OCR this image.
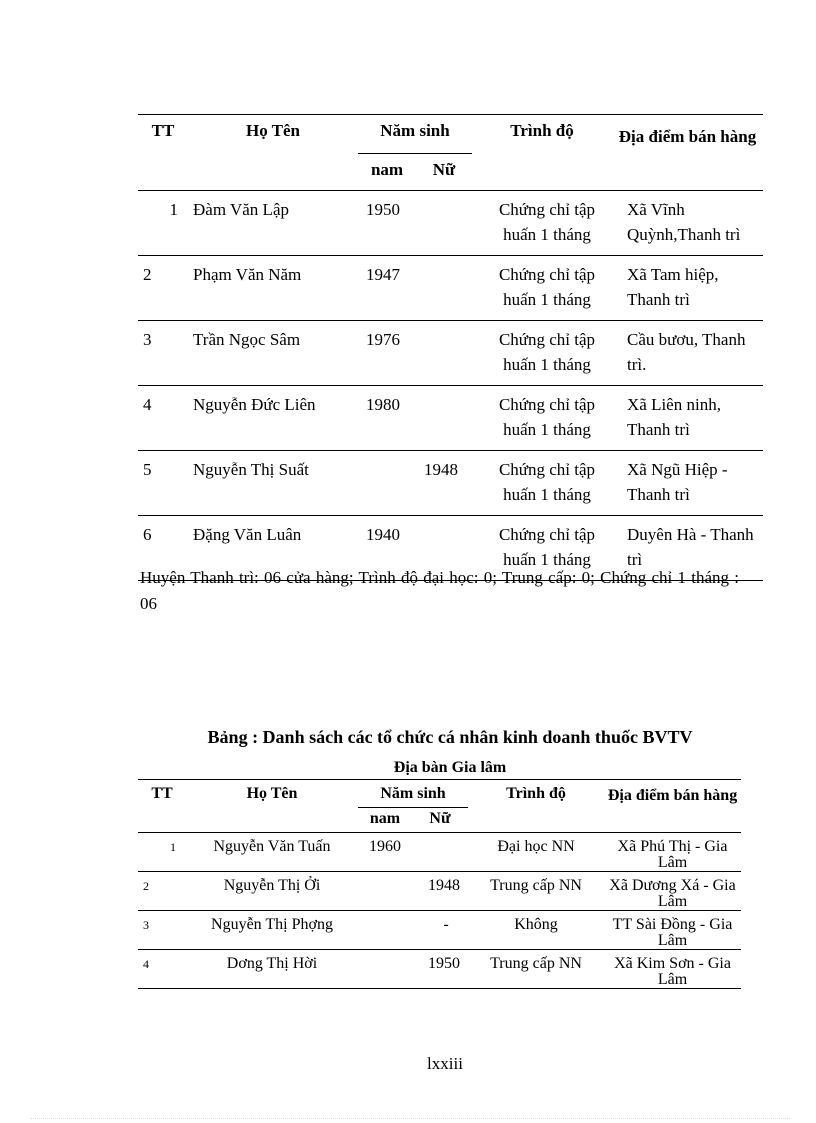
TT	Họ Tên	Năm sinh		Trình độ	Địa điểm bán hàng
		nam	Nữ		
1	Đàm Văn Lập	1950		Chứng chỉ tập huấn 1 tháng	Xã Vĩnh Quỳnh,Thanh trì
2	Phạm Văn Năm	1947		Chứng chỉ tập huấn 1 tháng	Xã Tam hiệp, Thanh trì
3	Trần Ngọc Sâm	1976		Chứng chỉ tập huấn 1 tháng	Cầu bươu, Thanh trì.
4	Nguyễn Đức Liên	1980		Chứng chỉ tập huấn 1 tháng	Xã Liên ninh, Thanh trì
5	Nguyễn Thị Suất		1948	Chứng chỉ tập huấn 1 tháng	Xã Ngũ Hiệp - Thanh trì
6	Đặng Văn Luân	1940		Chứng chỉ tập huấn 1 tháng	Duyên Hà - Thanh trì
Huyện Thanh trì: 06 cửa hàng; Trình độ đại học: 0; Trung cấp: 0; Chứng chỉ 1 tháng : 06
Bảng : Danh sách các tổ chức cá nhân kinh doanh thuốc BVTV
Địa bàn Gia lâm
TT	Họ Tên	Năm sinh		Trình độ	Địa điểm bán hàng
		nam	Nữ		
1	Nguyễn Văn Tuấn	1960		Đại học NN	Xã Phú Thị - Gia Lâm
2	Nguyễn Thị Ởi		1948	Trung cấp NN	Xã Dương Xá - Gia Lâm
3	Nguyễn Thị Phợng		-	Không	TT Sài Đồng - Gia Lâm
4	Dơng Thị Hời		1950	Trung cấp NN	Xã Kim Sơn - Gia Lâm
lxxiii
